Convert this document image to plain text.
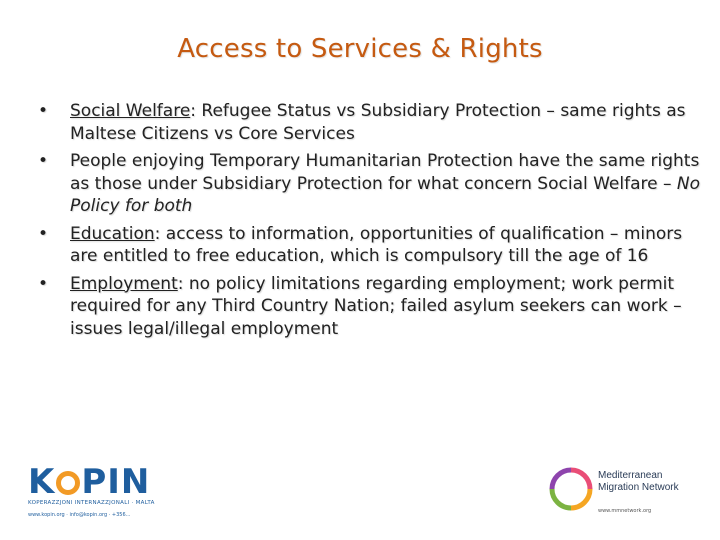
Access to Services & Rights
•	Social Welfare: Refugee Status vs Subsidiary Protection – same rights as Maltese Citizens vs Core Services
•	People enjoying Temporary Humanitarian Protection have the same rights as those under Subsidiary Protection for what concern Social Welfare – No Policy for both
•	Education: access to information, opportunities of qualification – minors are entitled to free education, which is compulsory till the age of 16
•	Employment: no policy limitations regarding employment; work permit required for any Third Country Nation; failed asylum seekers can work – issues legal/illegal employment
K PIN
KOPERAZZJONI INTERNAZZJONALI · MALTA
www.kopin.org · info@kopin.org · +356...
Mediterranean
Migration Network
www.mmnetwork.org
